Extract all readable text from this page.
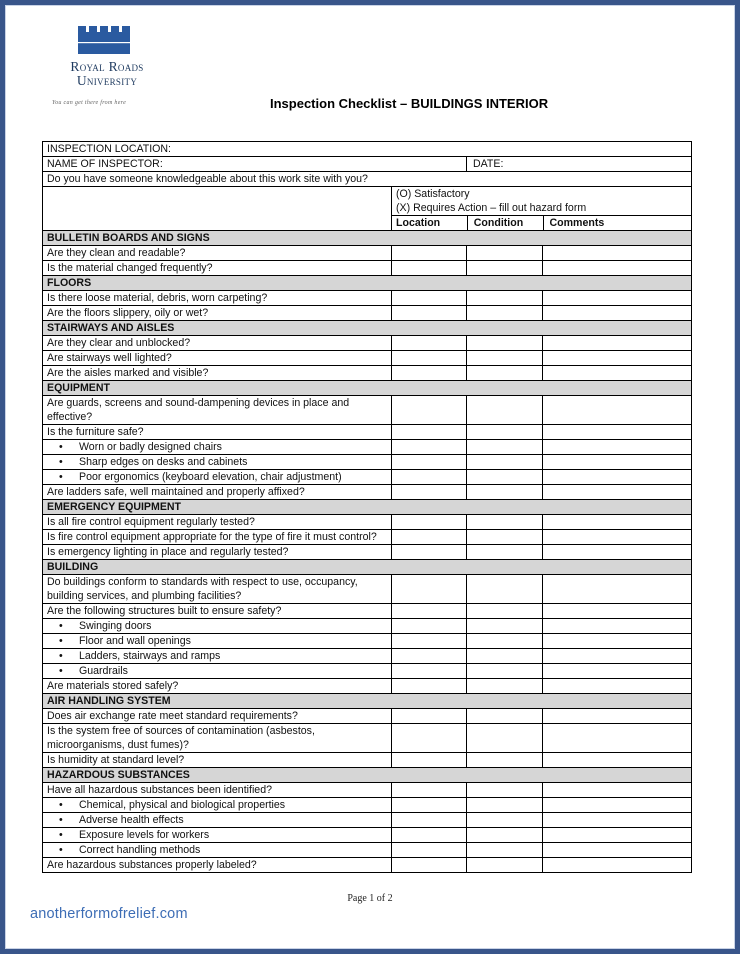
Royal Roads
University
You can get there from here	Inspection Checklist – BUILDINGS INTERIOR
INSPECTION LOCATION:
NAME OF INSPECTOR:	DATE:
Do you have someone knowledgeable about this work site with you?
(O) Satisfactory
(X) Requires Action – fill out hazard form
Location	Condition	Comments
BULLETIN BOARDS AND SIGNS
Are they clean and readable?
Is the material changed frequently?
FLOORS
Is there loose material, debris, worn carpeting?
Are the floors slippery, oily or wet?
STAIRWAYS AND AISLES
Are they clear and unblocked?
Are stairways well lighted?
Are the aisles marked and visible?
EQUIPMENT
Are guards, screens and sound-dampening devices in place and effective?
Is the furniture safe?
• Worn or badly designed chairs
• Sharp edges on desks and cabinets
• Poor ergonomics (keyboard elevation, chair adjustment)
Are ladders safe, well maintained and properly affixed?
EMERGENCY EQUIPMENT
Is all fire control equipment regularly tested?
Is fire control equipment appropriate for the type of fire it must control?
Is emergency lighting in place and regularly tested?
BUILDING
Do buildings conform to standards with respect to use, occupancy, building services, and plumbing facilities?
Are the following structures built to ensure safety?
• Swinging doors
• Floor and wall openings
• Ladders, stairways and ramps
• Guardrails
Are materials stored safely?
AIR HANDLING SYSTEM
Does air exchange rate meet standard requirements?
Is the system free of sources of contamination (asbestos, microorganisms, dust fumes)?
Is humidity at standard level?
HAZARDOUS SUBSTANCES
Have all hazardous substances been identified?
• Chemical, physical and biological properties
• Adverse health effects
• Exposure levels for workers
• Correct handling methods
Are hazardous substances properly labeled?
Page 1 of 2
anotherformofrelief.com
